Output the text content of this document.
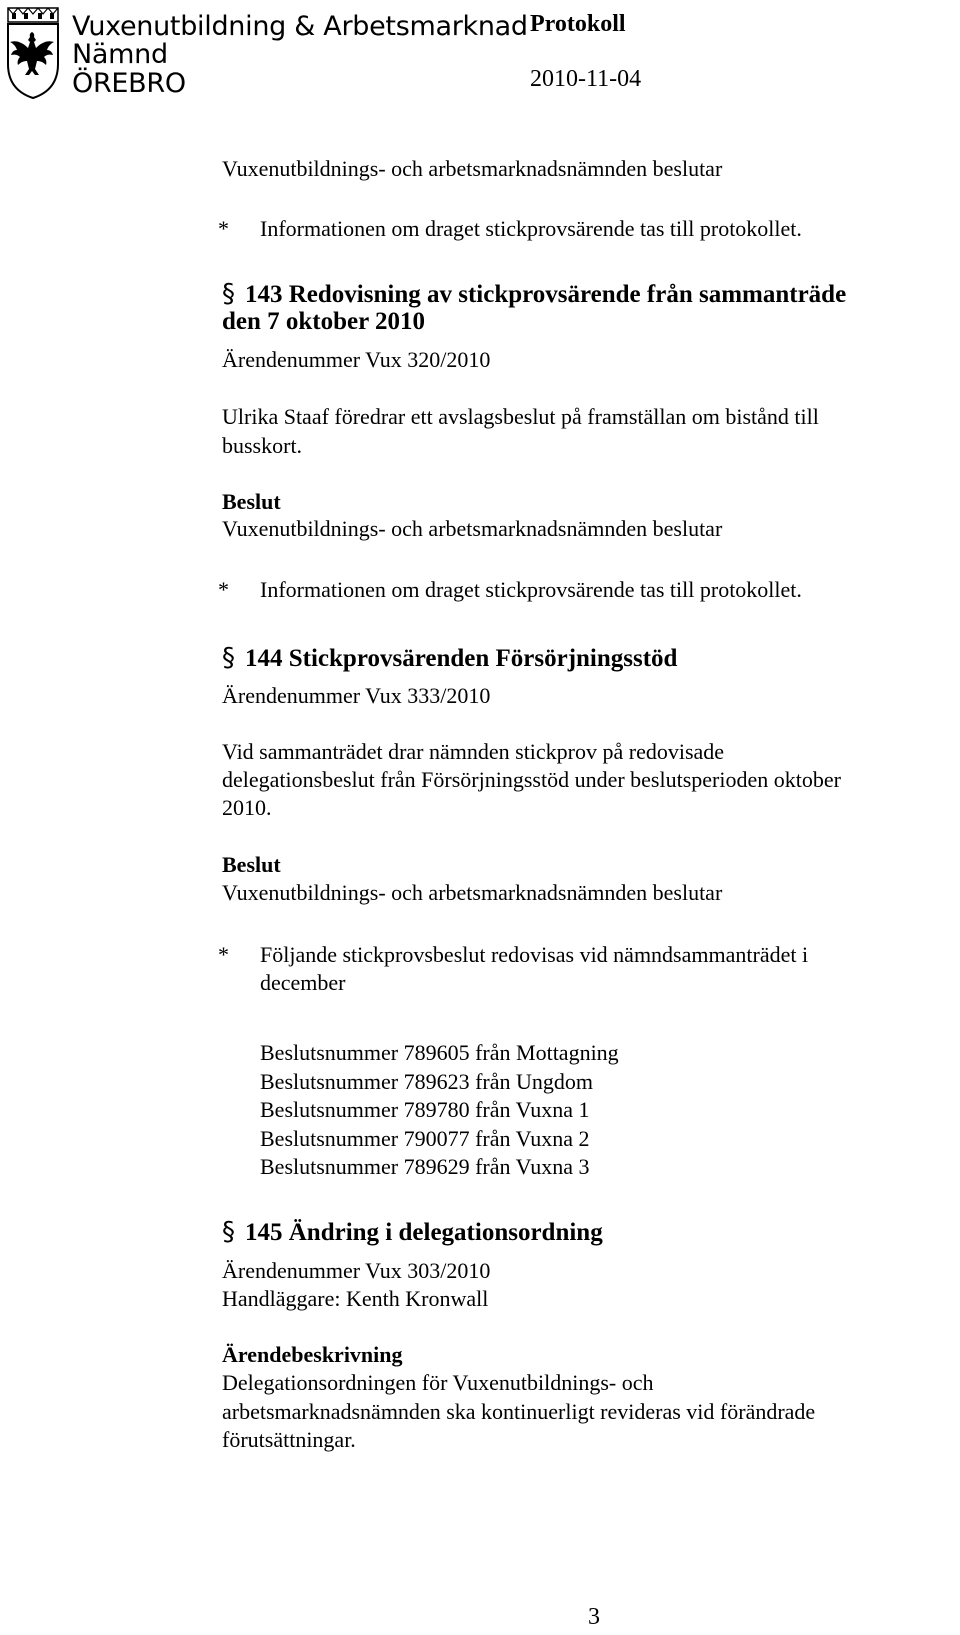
Vuxenutbildning & Arbetsmarknad
Nämnd
ÖREBRO
Protokoll
2010-11-04
Vuxenutbildnings- och arbetsmarknadsnämnden beslutar
* Informationen om draget stickprovsärende tas till protokollet.
§ 143 Redovisning av stickprovsärende från sammanträde
den 7 oktober 2010
Ärendenummer Vux 320/2010
Ulrika Staaf föredrar ett avslagsbeslut på framställan om bistånd till
busskort.
Beslut
Vuxenutbildnings- och arbetsmarknadsnämnden beslutar
* Informationen om draget stickprovsärende tas till protokollet.
§ 144 Stickprovsärenden Försörjningsstöd
Ärendenummer Vux 333/2010
Vid sammanträdet drar nämnden stickprov på redovisade
delegationsbeslut från Försörjningsstöd under beslutsperioden oktober
2010.
Beslut
Vuxenutbildnings- och arbetsmarknadsnämnden beslutar
* Följande stickprovsbeslut redovisas vid nämndsammanträdet i
december
Beslutsnummer 789605 från Mottagning
Beslutsnummer 789623 från Ungdom
Beslutsnummer 789780 från Vuxna 1
Beslutsnummer 790077 från Vuxna 2
Beslutsnummer 789629 från Vuxna 3
§ 145 Ändring i delegationsordning
Ärendenummer Vux 303/2010
Handläggare: Kenth Kronwall
Ärendebeskrivning
Delegationsordningen för Vuxenutbildnings- och
arbetsmarknadsnämnden ska kontinuerligt revideras vid förändrade
förutsättningar.
3
